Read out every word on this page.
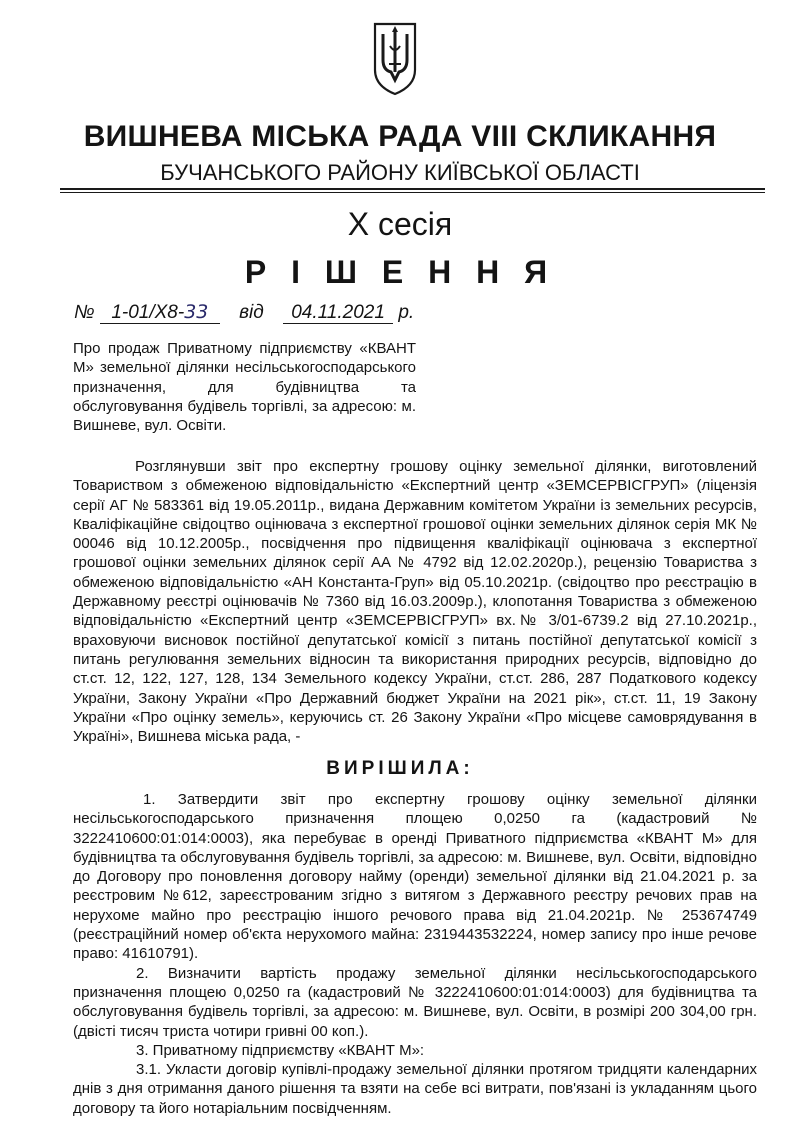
ВИШНЕВА МІСЬКА РАДА VIII СКЛИКАННЯ
БУЧАНСЬКОГО РАЙОНУ КИЇВСЬКОЇ ОБЛАСТІ
Х сесія
Р І Ш Е Н Н Я
№ 1-01/Х8-33 від 04.11.2021 р.
Про продаж Приватному підприємству «КВАНТ М» земельної ділянки несільськогосподарського призначення, для будівництва та обслуговування будівель торгівлі, за адресою: м. Вишневе, вул. Освіти.
Розглянувши звіт про експертну грошову оцінку земельної ділянки, виготовлений Товариством з обмеженою відповідальністю «Експертний центр «ЗЕМСЕРВІСГРУП» (ліцензія серії АГ № 583361 від 19.05.2011р., видана Державним комітетом України із земельних ресурсів, Кваліфікаційне свідоцтво оцінювача з експертної грошової оцінки земельних ділянок серія МК № 00046 від 10.12.2005р., посвідчення про підвищення кваліфікації оцінювача з експертної грошової оцінки земельних ділянок серії АА № 4792 від 12.02.2020р.), рецензію Товариства з обмеженою відповідальністю «АН Константа-Груп» від 05.10.2021р. (свідоцтво про реєстрацію в Державному реєстрі оцінювачів № 7360 від 16.03.2009р.), клопотання Товариства з обмеженою відповідальністю «Експертний центр «ЗЕМСЕРВІСГРУП» вх.№ 3/01-6739.2 від 27.10.2021р., враховуючи висновок постійної депутатської комісії з питань постійної депутатської комісії з питань регулювання земельних відносин та використання природних ресурсів, відповідно до ст.ст. 12, 122, 127, 128, 134 Земельного кодексу України, ст.ст. 286, 287 Податкового кодексу України, Закону України «Про Державний бюджет України на 2021 рік», ст.ст. 11, 19 Закону України «Про оцінку земель», керуючись ст. 26 Закону України «Про місцеве самоврядування в Україні», Вишнева міська рада, -
ВИРІШИЛА:

1. Затвердити звіт про експертну грошову оцінку земельної ділянки несільськогосподарського призначення площею 0,0250 га (кадастровий № 3222410600:01:014:0003), яка перебуває в оренді Приватного підприємства «КВАНТ М» для будівництва та обслуговування будівель торгівлі, за адресою: м. Вишневе, вул. Освіти, відповідно до Договору про поновлення договору найму (оренди) земельної ділянки від 21.04.2021 р. за реєстровим №612, зареєстрованим згідно з витягом з Державного реєстру речових прав на нерухоме майно про реєстрацію іншого речового права від 21.04.2021р. № 253674749 (реєстраційний номер об'єкта нерухомого майна: 2319443532224, номер запису про інше речове право: 41610791).

2. Визначити вартість продажу земельної ділянки несільськогосподарського призначення площею 0,0250 га (кадастровий № 3222410600:01:014:0003) для будівництва та обслуговування будівель торгівлі, за адресою: м. Вишневе, вул. Освіти, в розмірі 200 304,00 грн. (двісті тисяч триста чотири гривні 00 коп.).

3. Приватному підприємству «КВАНТ М»:

3.1. Укласти договір купівлі-продажу земельної ділянки протягом тридцяти календарних днів з дня отримання даного рішення та взяти на себе всі витрати, пов'язані із укладанням цього договору та його нотаріальним посвідченням.
